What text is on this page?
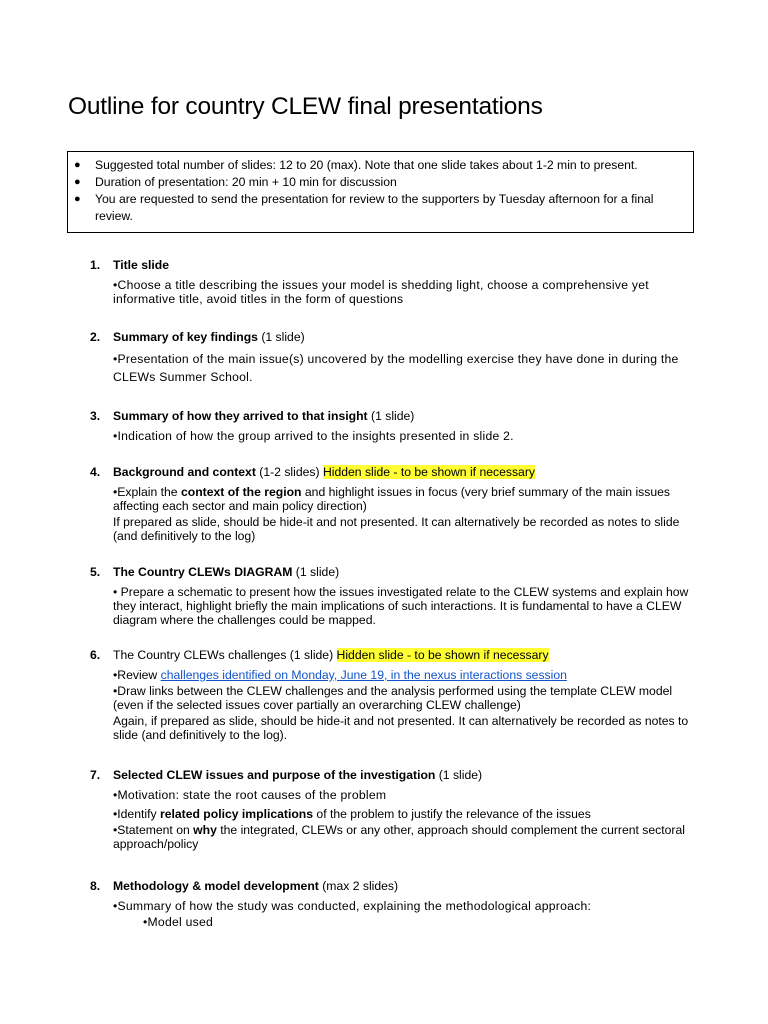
Outline for country CLEW final presentations
● Suggested total number of slides: 12 to 20 (max). Note that one slide takes about 1-2 min to present.
● Duration of presentation: 20 min + 10 min for discussion
● You are requested to send the presentation for review to the supporters by Tuesday afternoon for a final review.
1. Title slide

•Choose a title describing the issues your model is shedding light, choose a comprehensive yet informative title, avoid titles in the form of questions

2. Summary of key findings (1 slide)

•Presentation of the main issue(s) uncovered by the modelling exercise they have done in during the CLEWs Summer School.

3. Summary of how they arrived to that insight (1 slide)

•Indication of how the group arrived to the insights presented in slide 2.

4. Background and context (1-2 slides) Hidden slide - to be shown if necessary

•Explain the context of the region and highlight issues in focus (very brief summary of the main issues affecting each sector and main policy direction)

If prepared as slide, should be hide-it and not presented. It can alternatively be recorded as notes to slide (and definitively to the log)

5. The Country CLEWs DIAGRAM (1 slide)

• Prepare a schematic to present how the issues investigated relate to the CLEW systems and explain how they interact, highlight briefly the main implications of such interactions. It is fundamental to have a CLEW diagram where the challenges could be mapped.

6. The Country CLEWs challenges (1 slide) Hidden slide - to be shown if necessary

•Review challenges identified on Monday, June 19, in the nexus interactions session

•Draw links between the CLEW challenges and the analysis performed using the template CLEW model (even if the selected issues cover partially an overarching CLEW challenge)

Again, if prepared as slide, should be hide-it and not presented. It can alternatively be recorded as notes to slide (and definitively to the log).

7. Selected CLEW issues and purpose of the investigation (1 slide)

•Motivation: state the root causes of the problem

•Identify related policy implications of the problem to justify the relevance of the issues

•Statement on why the integrated, CLEWs or any other, approach should complement the current sectoral approach/policy

8. Methodology & model development (max 2 slides)

•Summary of how the study was conducted, explaining the methodological approach:

•Model used
